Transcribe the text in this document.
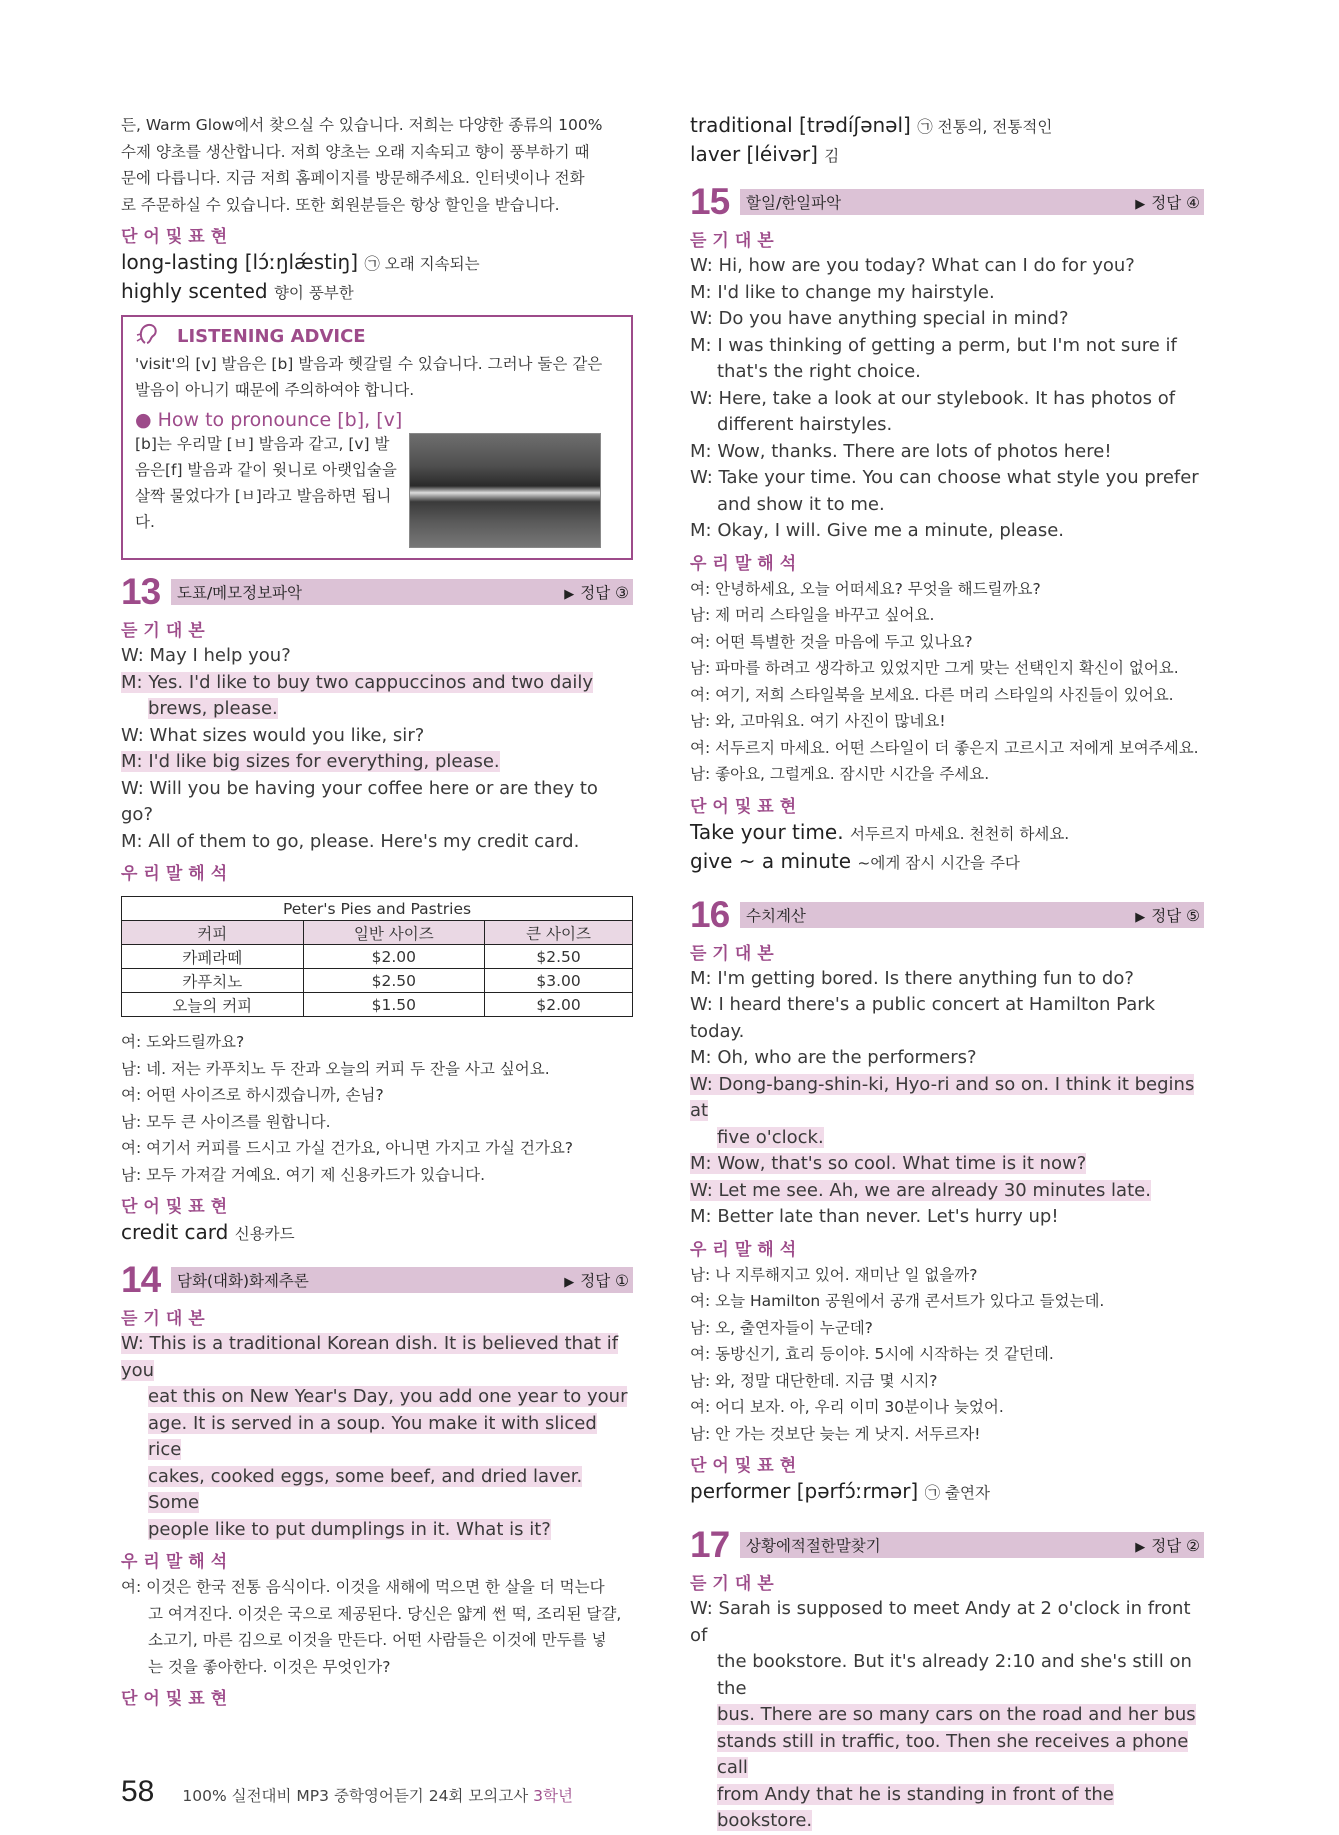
든, Warm Glow에서 찾으실 수 있습니다. 저희는 다양한 종류의 100%

수제 양초를 생산합니다. 저희 양초는 오래 지속되고 향이 풍부하기 때

문에 다릅니다. 지금 저희 홈페이지를 방문해주세요. 인터넷이나 전화

로 주문하실 수 있습니다. 또한 회원분들은 항상 할인을 받습니다.

단어및표현

long-lasting [lɔ́ːŋlǽstiŋ] ㉠ 오래 지속되는

highly scented 향이 풍부한

LISTENING ADVICE

'visit'의 [v] 발음은 [b] 발음과 헷갈릴 수 있습니다. 그러나 둘은 같은

발음이 아니기 때문에 주의하여야 합니다.

● How to pronounce [b], [v]

[b]는 우리말 [ㅂ] 발음과 같고, [v] 발

음은[f] 발음과 같이 윗니로 아랫입술을

살짝 물었다가 [ㅂ]라고 발음하면 됩니

다.

13	도표/메모정보파악	▶ 정답 ③
듣기대본

W: May I help you?

M: Yes. I'd like to buy two cappuccinos and two daily

brews, please.

W: What sizes would you like, sir?

M: I'd like big sizes for everything, please.

W: Will you be having your coffee here or are they to go?

M: All of them to go, please. Here's my credit card.

우리말해석
Peter's Pies and Pastries		
커피	일반 사이즈	큰 사이즈
카페라떼	$2.00	$2.50
카푸치노	$2.50	$3.00
오늘의 커피	$1.50	$2.00

여: 도와드릴까요?

남: 네. 저는 카푸치노 두 잔과 오늘의 커피 두 잔을 사고 싶어요.

여: 어떤 사이즈로 하시겠습니까, 손님?

남: 모두 큰 사이즈를 원합니다.

여: 여기서 커피를 드시고 가실 건가요, 아니면 가지고 가실 건가요?

남: 모두 가져갈 거예요. 여기 제 신용카드가 있습니다.

단어및표현

credit card 신용카드

14	담화(대화)화제추론	▶ 정답 ①
듣기대본

W: This is a traditional Korean dish. It is believed that if you

eat this on New Year's Day, you add one year to your

age. It is served in a soup. You make it with sliced rice

cakes, cooked eggs, some beef, and dried laver. Some

people like to put dumplings in it. What is it?

우리말해석

여: 이것은 한국 전통 음식이다. 이것을 새해에 먹으면 한 살을 더 먹는다

고 여겨진다. 이것은 국으로 제공된다. 당신은 얇게 썬 떡, 조리된 달걀,

소고기, 마른 김으로 이것을 만든다. 어떤 사람들은 이것에 만두를 넣

는 것을 좋아한다. 이것은 무엇인가?

단어및표현

traditional [trədíʃənəl] ㉠ 전통의, 전통적인

laver [léivər] 김

15	할일/한일파악	▶ 정답 ④
듣기대본

W: Hi, how are you today? What can I do for you?

M: I'd like to change my hairstyle.

W: Do you have anything special in mind?

M: I was thinking of getting a perm, but I'm not sure if

that's the right choice.

W: Here, take a look at our stylebook. It has photos of

different hairstyles.

M: Wow, thanks. There are lots of photos here!

W: Take your time. You can choose what style you prefer

and show it to me.

M: Okay, I will. Give me a minute, please.

우리말해석

여: 안녕하세요, 오늘 어떠세요? 무엇을 해드릴까요?

남: 제 머리 스타일을 바꾸고 싶어요.

여: 어떤 특별한 것을 마음에 두고 있나요?

남: 파마를 하려고 생각하고 있었지만 그게 맞는 선택인지 확신이 없어요.

여: 여기, 저희 스타일북을 보세요. 다른 머리 스타일의 사진들이 있어요.

남: 와, 고마워요. 여기 사진이 많네요!

여: 서두르지 마세요. 어떤 스타일이 더 좋은지 고르시고 저에게 보여주세요.

남: 좋아요, 그럴게요. 잠시만 시간을 주세요.

단어및표현

Take your time. 서두르지 마세요. 천천히 하세요.

give ~ a minute ~에게 잠시 시간을 주다

16	수치계산	▶ 정답 ⑤
듣기대본

M: I'm getting bored. Is there anything fun to do?

W: I heard there's a public concert at Hamilton Park today.

M: Oh, who are the performers?

W: Dong-bang-shin-ki, Hyo-ri and so on. I think it begins at

five o'clock.

M: Wow, that's so cool. What time is it now?

W: Let me see. Ah, we are already 30 minutes late.

M: Better late than never. Let's hurry up!

우리말해석

남: 나 지루해지고 있어. 재미난 일 없을까?

여: 오늘 Hamilton 공원에서 공개 콘서트가 있다고 들었는데.

남: 오, 출연자들이 누군데?

여: 동방신기, 효리 등이야. 5시에 시작하는 것 같던데.

남: 와, 정말 대단한데. 지금 몇 시지?

여: 어디 보자. 아, 우리 이미 30분이나 늦었어.

남: 안 가는 것보단 늦는 게 낫지. 서두르자!

단어및표현

performer [pərfɔ́ːrmər] ㉠ 출연자

17	상황에적절한말찾기	▶ 정답 ②
듣기대본

W: Sarah is supposed to meet Andy at 2 o'clock in front of

the bookstore. But it's already 2:10 and she's still on the

bus. There are so many cars on the road and her bus

stands still in traffic, too. Then she receives a phone call

from Andy that he is standing in front of the bookstore.

58 100% 실전대비 MP3 중학영어듣기 24회 모의고사 3학년
